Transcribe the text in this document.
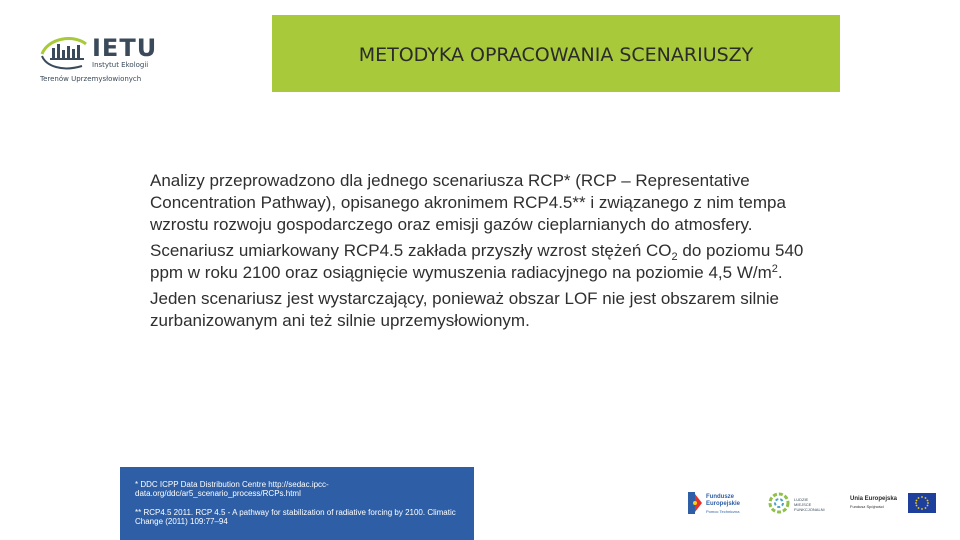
IETU
Instytut Ekologii
Terenów Uprzemysłowionych
METODYKA OPRACOWANIA SCENARIUSZY

Analizy przeprowadzono dla jednego scenariusza RCP* (RCP – Representative Concentration Pathway), opisanego akronimem RCP4.5** i związanego z nim tempa wzrostu rozwoju gospodarczego oraz emisji gazów cieplarnianych do atmosfery.

Scenariusz umiarkowany RCP4.5 zakłada przyszły wzrost stężeń $CO_2$ do poziomu 540 ppm w roku 2100 oraz osiągnięcie wymuszenia radiacyjnego na poziomie 4,5 $W/m^2$.

Jeden scenariusz jest wystarczający, ponieważ obszar LOF nie jest obszarem silnie zurbanizowanym ani też silnie uprzemysłowionym.

* DDC ICPP Data Distribution Centre http://sedac.ipcc-data.org/ddc/ar5_scenario_process/RCPs.html
** RCP4.5 2011. RCP 4.5 - A pathway for stabilization of radiative forcing by 2100. Climatic Change (2011) 109:77–94
Fundusze
Europejskie
Pomoc Techniczna
LUDZIE
MIEJSCE
FUNKCJONALNI
Unia Europejska
Fundusz Spójności
